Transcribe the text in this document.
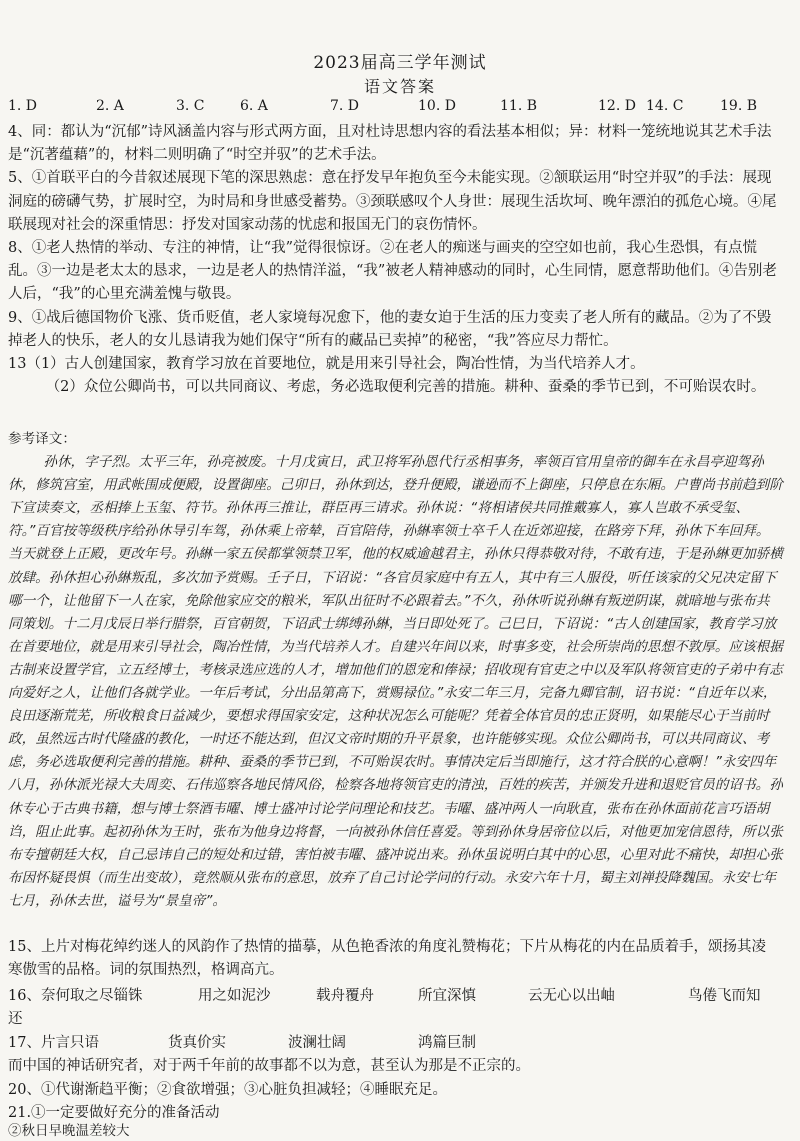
2023届高三学年测试
语文答案
1. D	2. A	3. C	6. A	7. D	10. D	11. B	12. D 14. C	19. B

4、同：都认为“沉郁”诗风涵盖内容与形式两方面，且对杜诗思想内容的看法基本相似；异：材料一笼统地说其艺术手法是“沉著蕴藉”的，材料二则明确了“时空并驭”的艺术手法。

5、①首联平白的今昔叙述展现下笔的深思熟虑：意在抒发早年抱负至今未能实现。②颔联运用“时空并驭”的手法：展现洞庭的磅礴气势，扩展时空，为时局和身世感受蓄势。③颈联感叹个人身世：展现生活坎坷、晚年漂泊的孤危心境。④尾联展现对社会的深重情思：抒发对国家动荡的忧虑和报国无门的哀伤情怀。

8、①老人热情的举动、专注的神情，让“我”觉得很惊讶。②在老人的痴迷与画夹的空空如也前，我心生恐惧，有点慌乱。③一边是老太太的恳求，一边是老人的热情洋溢，“我”被老人精神感动的同时，心生同情，愿意帮助他们。④告别老人后，“我”的心里充满羞愧与敬畏。

9、①战后德国物价飞涨、货币贬值，老人家境每况愈下，他的妻女迫于生活的压力变卖了老人所有的藏品。②为了不毁掉老人的快乐，老人的女儿恳请我为她们保守“所有的藏品已卖掉”的秘密，“我”答应尽力帮忙。

13（1）古人创建国家，教育学习放在首要地位，就是用来引导社会，陶冶性情，为当代培养人才。

（2）众位公卿尚书，可以共同商议、考虑，务必选取便利完善的措施。耕种、蚕桑的季节已到，不可贻误农时。

参考译文：

孙休，字子烈。太平三年，孙亮被废。十月戊寅日，武卫将军孙恩代行丞相事务，率领百官用皇帝的御车在永昌亭迎驾孙休，修筑宫室，用武帐围成便殿，设置御座。己卯日，孙休到达，登升便殿，谦逊而不上御座，只停息在东厢。户曹尚书前趋到阶下宣读奏文，丞相捧上玉玺、符节。孙休再三推让，群臣再三请求。孙休说：“将相诸侯共同推戴寡人，寡人岂敢不承受玺、符。”百官按等级秩序给孙休导引车驾，孙休乘上帝辇，百官陪侍，孙綝率领士卒千人在近郊迎接，在路旁下拜，孙休下车回拜。当天就登上正殿，更改年号。孙綝一家五侯都掌领禁卫军，他的权威逾越君主，孙休只得恭敬对待，不敢有违，于是孙綝更加骄横放肆。孙休担心孙綝叛乱，多次加予赏赐。壬子日，下诏说：“各官员家庭中有五人，其中有三人服役，听任该家的父兄决定留下哪一个，让他留下一人在家，免除他家应交的粮米，军队出征时不必跟着去。”不久，孙休听说孙綝有叛逆阴谋，就暗地与张布共同策划。十二月戊辰日举行腊祭，百官朝贺，下诏武士绑缚孙綝，当日即处死了。己巳日，下诏说：“古人创建国家，教育学习放在首要地位，就是用来引导社会，陶冶性情，为当代培养人才。自建兴年间以来，时事多变，社会所崇尚的思想不敦厚。应该根据古制来设置学官，立五经博士，考核录选应选的人才，增加他们的恩宠和俸禄；招收现有官吏之中以及军队将领官吏的子弟中有志向爱好之人，让他们各就学业。一年后考试，分出品第高下，赏赐禄位。”永安二年三月，完备九卿官制，诏书说：“自近年以来，良田逐渐荒芜，所收粮食日益减少，要想求得国家安定，这种状况怎么可能呢？凭着全体官员的忠正贤明，如果能尽心于当前时政，虽然远古时代隆盛的教化，一时还不能达到，但汉文帝时期的升平景象，也许能够实现。众位公卿尚书，可以共同商议、考虑，务必选取便利完善的措施。耕种、蚕桑的季节已到，不可贻误农时。事情决定后当即施行，这才符合朕的心意啊！”永安四年八月，孙休派光禄大夫周奕、石伟巡察各地民情风俗，检察各地将领官吏的清浊，百姓的疾苦，并颁发升进和退贬官员的诏书。孙休专心于古典书籍，想与博士祭酒韦曜、博士盛冲讨论学问理论和技艺。韦曜、盛冲两人一向耿直，张布在孙休面前花言巧语胡诌，阻止此事。起初孙休为王时，张布为他身边将督，一向被孙休信任喜爱。等到孙休身居帝位以后，对他更加宠信恩待，所以张布专擅朝廷大权，自己忌讳自己的短处和过错，害怕被韦曜、盛冲说出来。孙休虽说明白其中的心思，心里对此不痛快，却担心张布因怀疑畏惧（而生出变故），竟然顺从张布的意思，放弃了自己讨论学问的行动。永安六年十月，蜀主刘禅投降魏国。永安七年七月，孙休去世，谥号为“景皇帝”。

15、上片对梅花绰约迷人的风韵作了热情的描摹，从色艳香浓的角度礼赞梅花；下片从梅花的内在品质着手，颂扬其凌寒傲雪的品格。词的氛围热烈，格调高亢。
16、奈何取之尽锱铢	用之如泥沙	载舟覆舟	所宜深慎	云无心以出岫	鸟倦飞而知
还
17、片言只语	货真价实	波澜壮阔	鸿篇巨制
而中国的神话研究者，对于两千年前的故事都不以为意，甚至认为那是不正宗的。
20、①代谢渐趋平衡；②食欲增强；③心脏负担减轻；④睡眠充足。
21.①一定要做好充分的准备活动
②秋日早晚温差较大
